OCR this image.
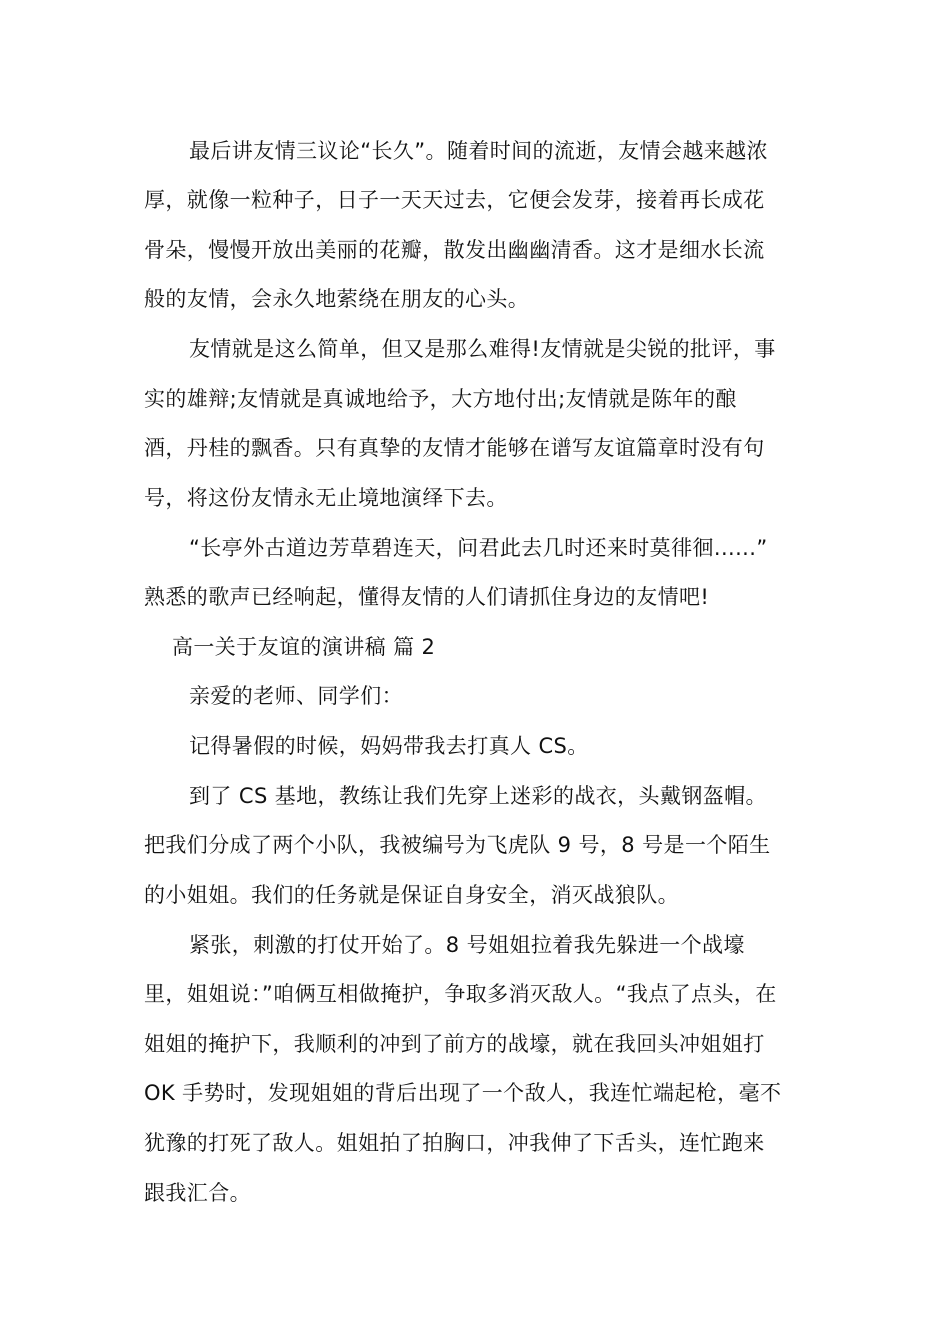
最后讲友情三议论“长久”。随着时间的流逝，友情会越来越浓
厚，就像一粒种子，日子一天天过去，它便会发芽，接着再长成花
骨朵，慢慢开放出美丽的花瓣，散发出幽幽清香。这才是细水长流
般的友情，会永久地萦绕在朋友的心头。
友情就是这么简单，但又是那么难得!友情就是尖锐的批评，事
实的雄辩;友情就是真诚地给予，大方地付出;友情就是陈年的酿
酒，丹桂的飘香。只有真挚的友情才能够在谱写友谊篇章时没有句
号，将这份友情永无止境地演绎下去。
“长亭外古道边芳草碧连天，问君此去几时还来时莫徘徊......”
熟悉的歌声已经响起，懂得友情的人们请抓住身边的友情吧!
高一关于友谊的演讲稿 篇 2
亲爱的老师、同学们：
记得暑假的时候，妈妈带我去打真人 CS。
到了 CS 基地，教练让我们先穿上迷彩的战衣，头戴钢盔帽。
把我们分成了两个小队，我被编号为飞虎队 9 号，8 号是一个陌生
的小姐姐。我们的任务就是保证自身安全，消灭战狼队。
紧张，刺激的打仗开始了。8 号姐姐拉着我先躲进一个战壕
里，姐姐说：”咱俩互相做掩护，争取多消灭敌人。“我点了点头，在
姐姐的掩护下，我顺利的冲到了前方的战壕，就在我回头冲姐姐打
OK 手势时，发现姐姐的背后出现了一个敌人，我连忙端起枪，毫不
犹豫的打死了敌人。姐姐拍了拍胸口，冲我伸了下舌头，连忙跑来
跟我汇合。
